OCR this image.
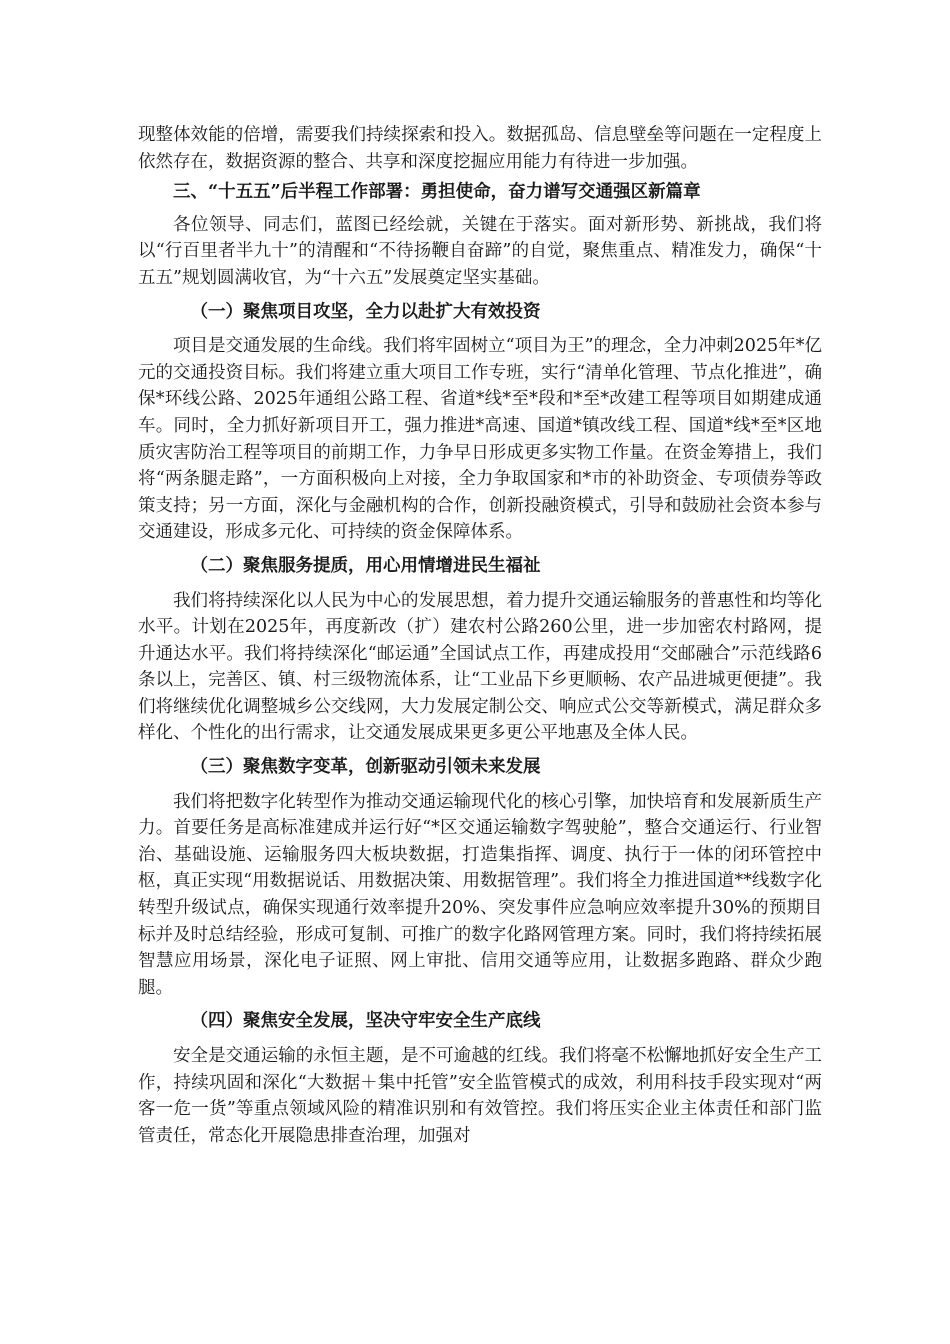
现整体效能的倍增，需要我们持续探索和投入。数据孤岛、信息壁垒等问题在一定程度上依然存在，数据资源的整合、共享和深度挖掘应用能力有待进一步加强。

三、“十五五”后半程工作部署：勇担使命，奋力谱写交通强区新篇章

各位领导、同志们，蓝图已经绘就，关键在于落实。面对新形势、新挑战，我们将以“行百里者半九十”的清醒和“不待扬鞭自奋蹄”的自觉，聚焦重点、精准发力，确保“十五五”规划圆满收官，为“十六五”发展奠定坚实基础。

（一）聚焦项目攻坚，全力以赴扩大有效投资

项目是交通发展的生命线。我们将牢固树立“项目为王”的理念，全力冲刺2025年*亿元的交通投资目标。我们将建立重大项目工作专班，实行“清单化管理、节点化推进”，确保*环线公路、2025年通组公路工程、省道*线*至*段和*至*改建工程等项目如期建成通车。同时，全力抓好新项目开工，强力推进*高速、国道*镇改线工程、国道*线*至*区地质灾害防治工程等项目的前期工作，力争早日形成更多实物工作量。在资金筹措上，我们将“两条腿走路”，一方面积极向上对接，全力争取国家和*市的补助资金、专项债券等政策支持；另一方面，深化与金融机构的合作，创新投融资模式，引导和鼓励社会资本参与交通建设，形成多元化、可持续的资金保障体系。

（二）聚焦服务提质，用心用情增进民生福祉

我们将持续深化以人民为中心的发展思想，着力提升交通运输服务的普惠性和均等化水平。计划在2025年，再度新改（扩）建农村公路260公里，进一步加密农村路网，提升通达水平。我们将持续深化“邮运通”全国试点工作，再建成投用“交邮融合”示范线路6条以上，完善区、镇、村三级物流体系，让“工业品下乡更顺畅、农产品进城更便捷”。我们将继续优化调整城乡公交线网，大力发展定制公交、响应式公交等新模式，满足群众多样化、个性化的出行需求，让交通发展成果更多更公平地惠及全体人民。

（三）聚焦数字变革，创新驱动引领未来发展

我们将把数字化转型作为推动交通运输现代化的核心引擎，加快培育和发展新质生产力。首要任务是高标准建成并运行好“*区交通运输数字驾驶舱”，整合交通运行、行业智治、基础设施、运输服务四大板块数据，打造集指挥、调度、执行于一体的闭环管控中枢，真正实现“用数据说话、用数据决策、用数据管理”。我们将全力推进国道**线数字化转型升级试点，确保实现通行效率提升20%、突发事件应急响应效率提升30%的预期目标并及时总结经验，形成可复制、可推广的数字化路网管理方案。同时，我们将持续拓展智慧应用场景，深化电子证照、网上审批、信用交通等应用，让数据多跑路、群众少跑腿。

（四）聚焦安全发展，坚决守牢安全生产底线

安全是交通运输的永恒主题，是不可逾越的红线。我们将毫不松懈地抓好安全生产工作，持续巩固和深化“大数据＋集中托管”安全监管模式的成效，利用科技手段实现对“两客一危一货”等重点领域风险的精准识别和有效管控。我们将压实企业主体责任和部门监管责任，常态化开展隐患排查治理，加强对
